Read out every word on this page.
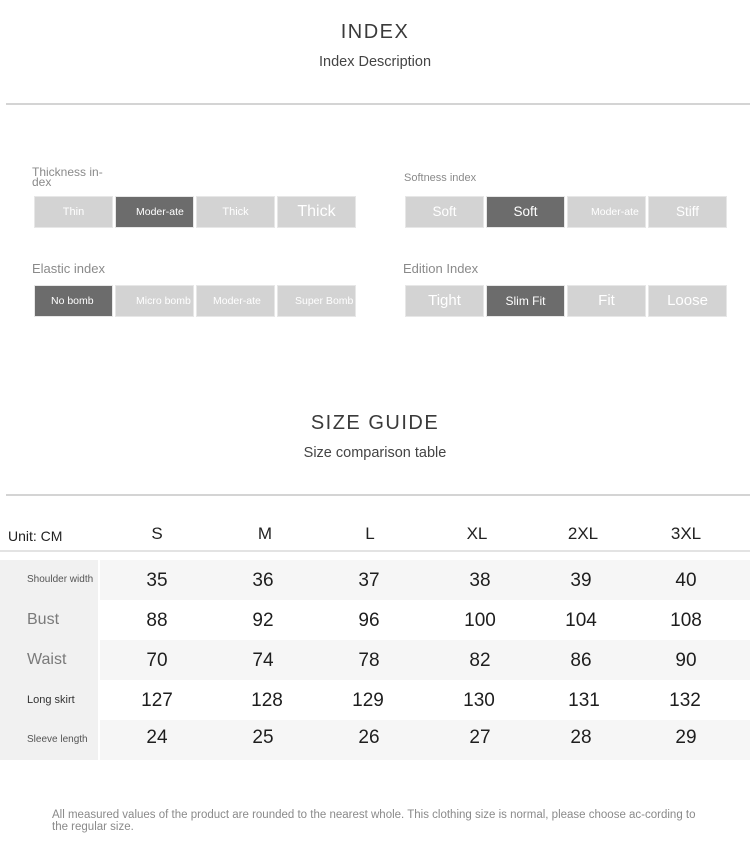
INDEX
Index Description
Thickness in-dex
Thin	Moder-ate	Thick	Thick
Softness index
Soft	Soft	Moder-ate	Stiff
Elastic index
No bomb	Micro bomb	Moder-ate	Super Bomb
Edition Index
Tight	Slim Fit	Fit	Loose
SIZE GUIDE
Size comparison table
Unit: CM	S	M	L	XL	2XL	3XL
Shoulder width	35	36	37	38	39	40
Bust	88	92	96	100	104	108
Waist	70	74	78	82	86	90
Long skirt	127	128	129	130	131	132
Sleeve length	24	25	26	27	28	29
All measured values of the product are rounded to the nearest whole. This clothing size is normal, please choose ac-cording to the regular size.
